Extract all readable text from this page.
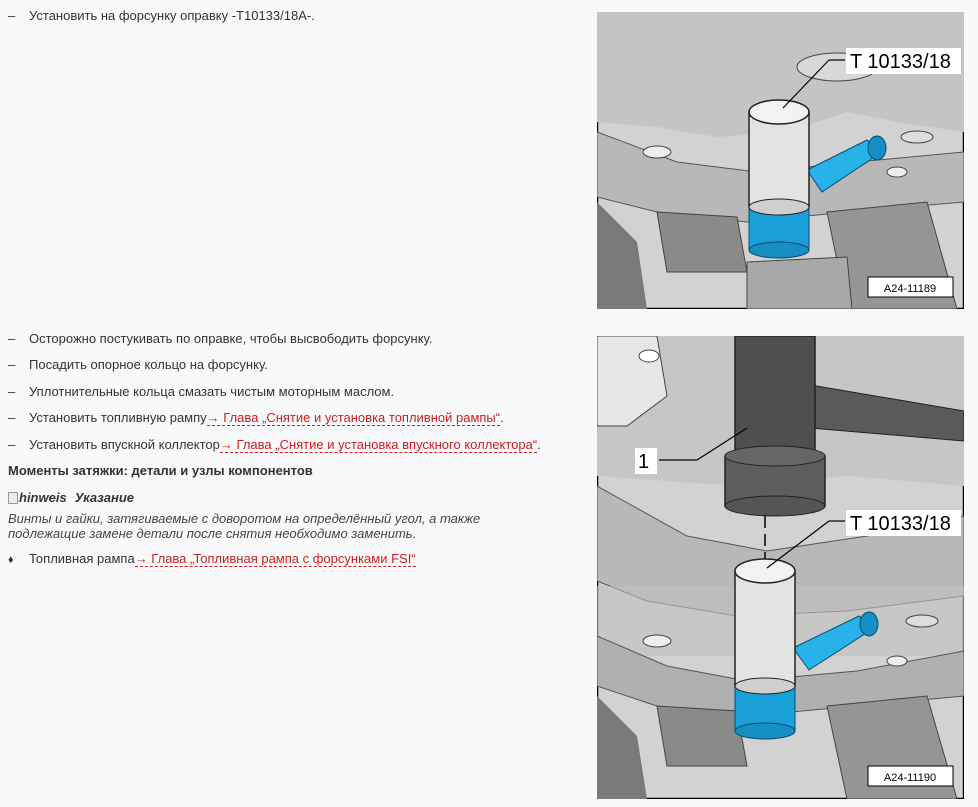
–	Установить на форсунку оправку -T10133/18A-.
–	Осторожно постукивать по оправке, чтобы высвободить форсунку.
–	Посадить опорное кольцо на форсунку.
–	Уплотнительные кольца смазать чистым моторным маслом.
–	Установить топливную рампу → Глава „Снятие и установка топливной рампы“ .
–	Установить впускной коллектор → Глава „Снятие и установка впускного коллектора“ .
Моменты затяжки: детали и узлы компонентов
hinweis Указание
Винты и гайки, затягиваемые с доворотом на определённый угол, а также подлежащие замене детали после снятия необходимо заменить.
♦	Топливная рампа → Глава „Топливная рампа с форсунками FSI“
T 10133/18
A24-11189
T 10133/18
1
A24-11190
